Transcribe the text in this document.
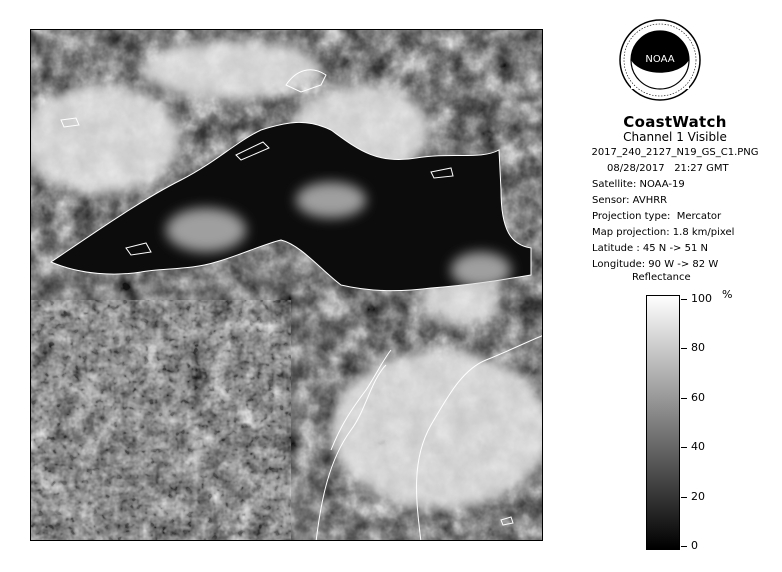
NOAA
CoastWatch
Channel 1 Visible
2017_240_2127_N19_GS_C1.PNG
08/28/2017 21:27 GMT
Satellite: NOAA-19
Sensor: AVHRR
Projection type:  Mercator
Map projection: 1.8 km/pixel
Latitude : 45 N -> 51 N
Longitude: 90 W -> 82 W
Reflectance
%
100
80
60
40
20
0
